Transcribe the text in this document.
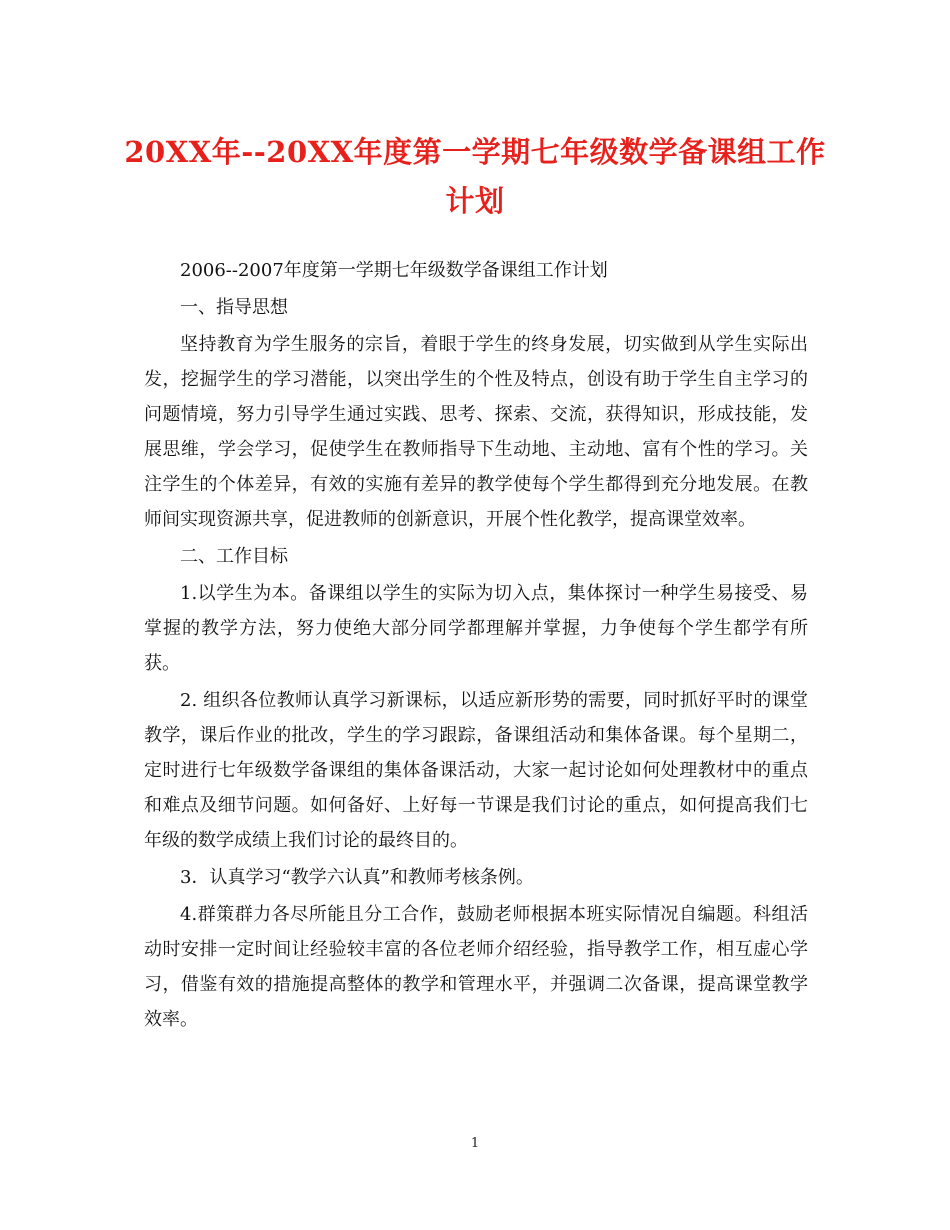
20XX年--20XX年度第一学期七年级数学备课组工作计划

2006--2007年度第一学期七年级数学备课组工作计划

一、指导思想

坚持教育为学生服务的宗旨，着眼于学生的终身发展，切实做到从学生实际出发，挖掘学生的学习潜能，以突出学生的个性及特点，创设有助于学生自主学习的问题情境，努力引导学生通过实践、思考、探索、交流，获得知识，形成技能，发展思维，学会学习，促使学生在教师指导下生动地、主动地、富有个性的学习。关注学生的个体差异，有效的实施有差异的教学使每个学生都得到充分地发展。在教师间实现资源共享，促进教师的创新意识，开展个性化教学，提高课堂效率。

二、工作目标

1.以学生为本。备课组以学生的实际为切入点，集体探讨一种学生易接受、易掌握的教学方法，努力使绝大部分同学都理解并掌握，力争使每个学生都学有所获。

2. 组织各位教师认真学习新课标，以适应新形势的需要，同时抓好平时的课堂教学，课后作业的批改，学生的学习跟踪，备课组活动和集体备课。每个星期二，定时进行七年级数学备课组的集体备课活动，大家一起讨论如何处理教材中的重点和难点及细节问题。如何备好、上好每一节课是我们讨论的重点，如何提高我们七年级的数学成绩上我们讨论的最终目的。

3．认真学习“教学六认真”和教师考核条例。

4.群策群力各尽所能且分工合作，鼓励老师根据本班实际情况自编题。科组活动时安排一定时间让经验较丰富的各位老师介绍经验，指导教学工作，相互虚心学习，借鉴有效的措施提高整体的教学和管理水平，并强调二次备课，提高课堂教学效率。

1
